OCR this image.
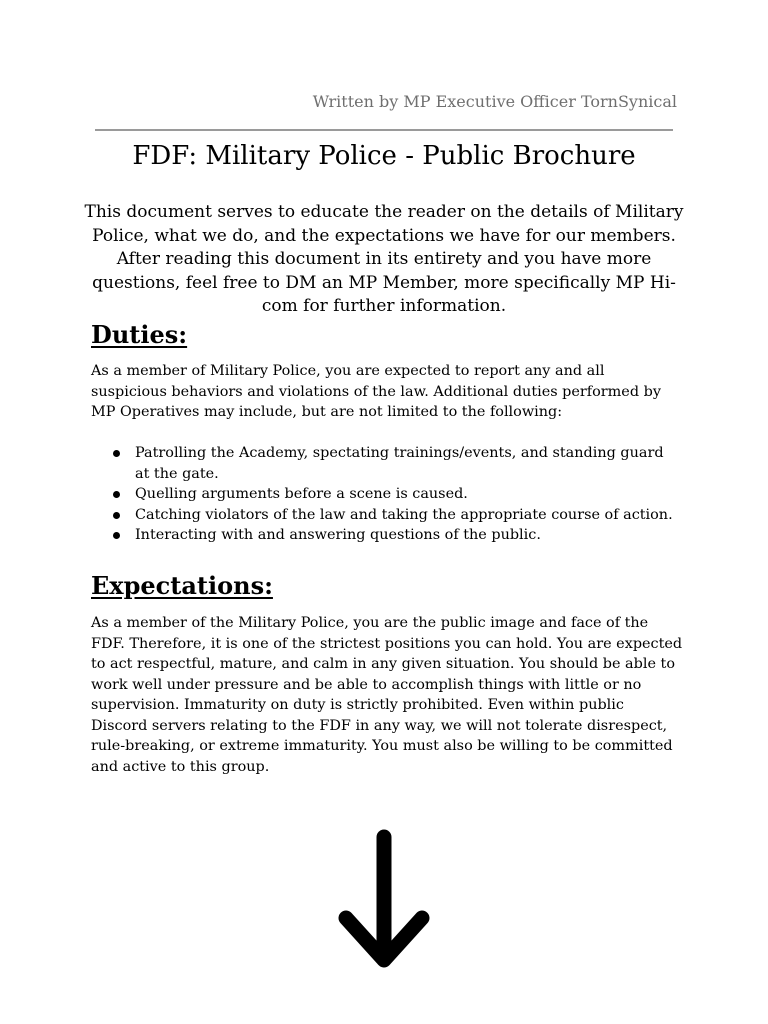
Written by MP Executive Officer TornSynical
FDF: Military Police - Public Brochure

This document serves to educate the reader on the details of Military Police, what we do, and the expectations we have for our members. After reading this document in its entirety and you have more questions, feel free to DM an MP Member, more specifically MP Hi-com for further information.

Duties:

As a member of Military Police, you are expected to report any and all suspicious behaviors and violations of the law. Additional duties performed by MP Operatives may include, but are not limited to the following:

Patrolling the Academy, spectating trainings/events, and standing guard at the gate.
Quelling arguments before a scene is caused.
Catching violators of the law and taking the appropriate course of action.
Interacting with and answering questions of the public.
Expectations:

As a member of the Military Police, you are the public image and face of the FDF. Therefore, it is one of the strictest positions you can hold. You are expected to act respectful, mature, and calm in any given situation. You should be able to work well under pressure and be able to accomplish things with little or no supervision. Immaturity on duty is strictly prohibited. Even within public Discord servers relating to the FDF in any way, we will not tolerate disrespect, rule-breaking, or extreme immaturity. You must also be willing to be committed and active to this group.
